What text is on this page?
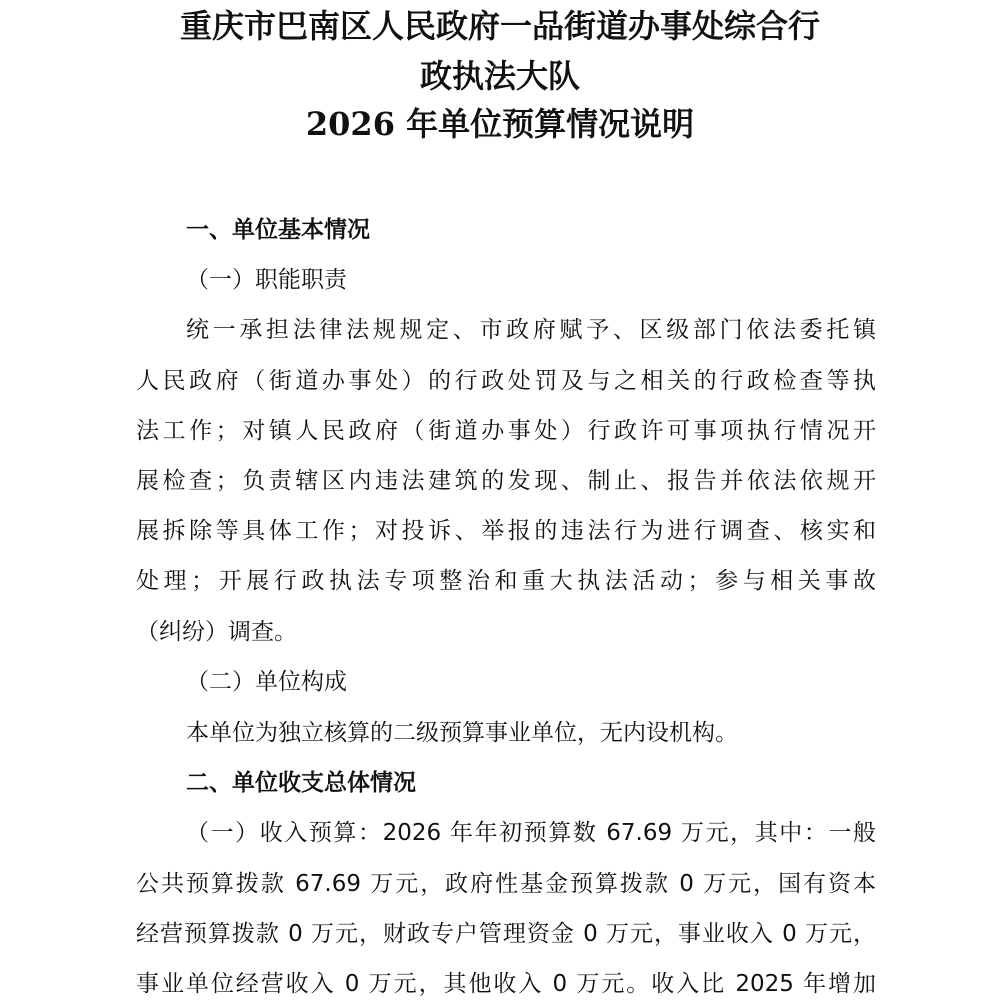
重庆市巴南区人民政府一品街道办事处综合行
政执法大队
2026 年单位预算情况说明
一、单位基本情况
（一）职能职责
统一承担法律法规规定、市政府赋予、区级部门依法委托镇
人民政府（街道办事处）的行政处罚及与之相关的行政检查等执
法工作；对镇人民政府（街道办事处）行政许可事项执行情况开
展检查；负责辖区内违法建筑的发现、制止、报告并依法依规开
展拆除等具体工作；对投诉、举报的违法行为进行调查、核实和
处理；开展行政执法专项整治和重大执法活动；参与相关事故
（纠纷）调查。
（二）单位构成
本单位为独立核算的二级预算事业单位，无内设机构。
二、单位收支总体情况
（一）收入预算：2026 年年初预算数 67.69 万元，其中：一般
公共预算拨款 67.69 万元，政府性基金预算拨款 0 万元，国有资本
经营预算拨款 0 万元，财政专户管理资金 0 万元，事业收入 0 万元，
事业单位经营收入 0 万元，其他收入 0 万元。收入比 2025 年增加
